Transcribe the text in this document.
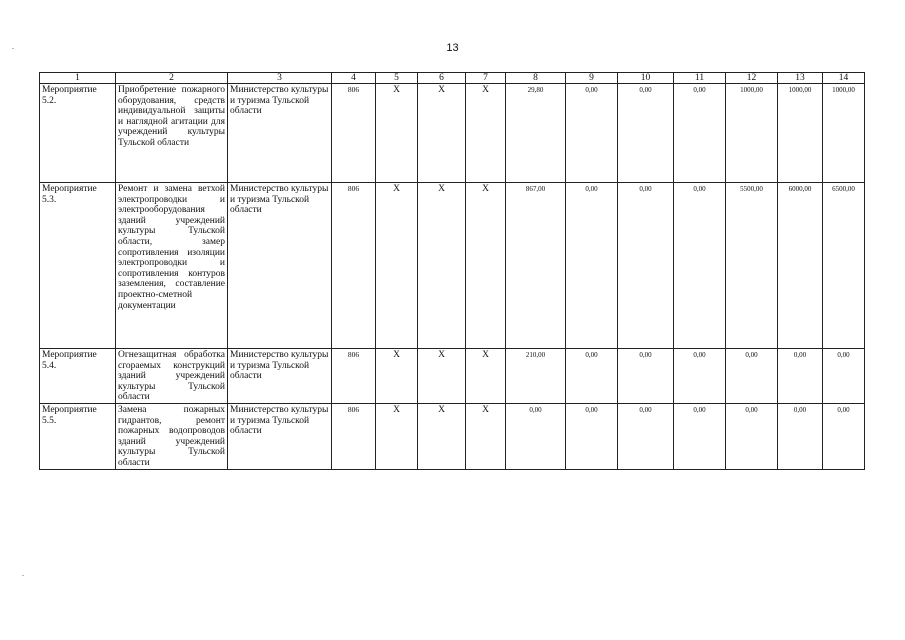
13
1	2	3	4	5	6	7	8	9	10	11	12	13	14
Мероприятие 5.2.	Приобретение пожарного оборудования, средств индивидуальной защиты и наглядной агитации для учреждений культуры Тульской области	Министерство культуры и туризма Тульской области	806	Х	Х	Х	29,80	0,00	0,00	0,00	1000,00	1000,00	1000,00
Мероприятие 5.3.	Ремонт и замена ветхой электропроводки и электрооборудования зданий учреждений культуры Тульской области, замер сопротивления изоляции электропроводки и сопротивления контуров заземления, составление проектно-сметной документации	Министерство культуры и туризма Тульской области	806	Х	Х	Х	867,00	0,00	0,00	0,00	5500,00	6000,00	6500,00
Мероприятие 5.4.	Огнезащитная обработка сгораемых конструкций зданий учреждений культуры Тульской области	Министерство культуры и туризма Тульской области	806	Х	Х	Х	210,00	0,00	0,00	0,00	0,00	0,00	0,00
Мероприятие 5.5.	Замена пожарных гидрантов, ремонт пожарных водопроводов зданий учреждений культуры Тульской области	Министерство культуры и туризма Тульской области	806	Х	Х	Х	0,00	0,00	0,00	0,00	0,00	0,00	0,00
